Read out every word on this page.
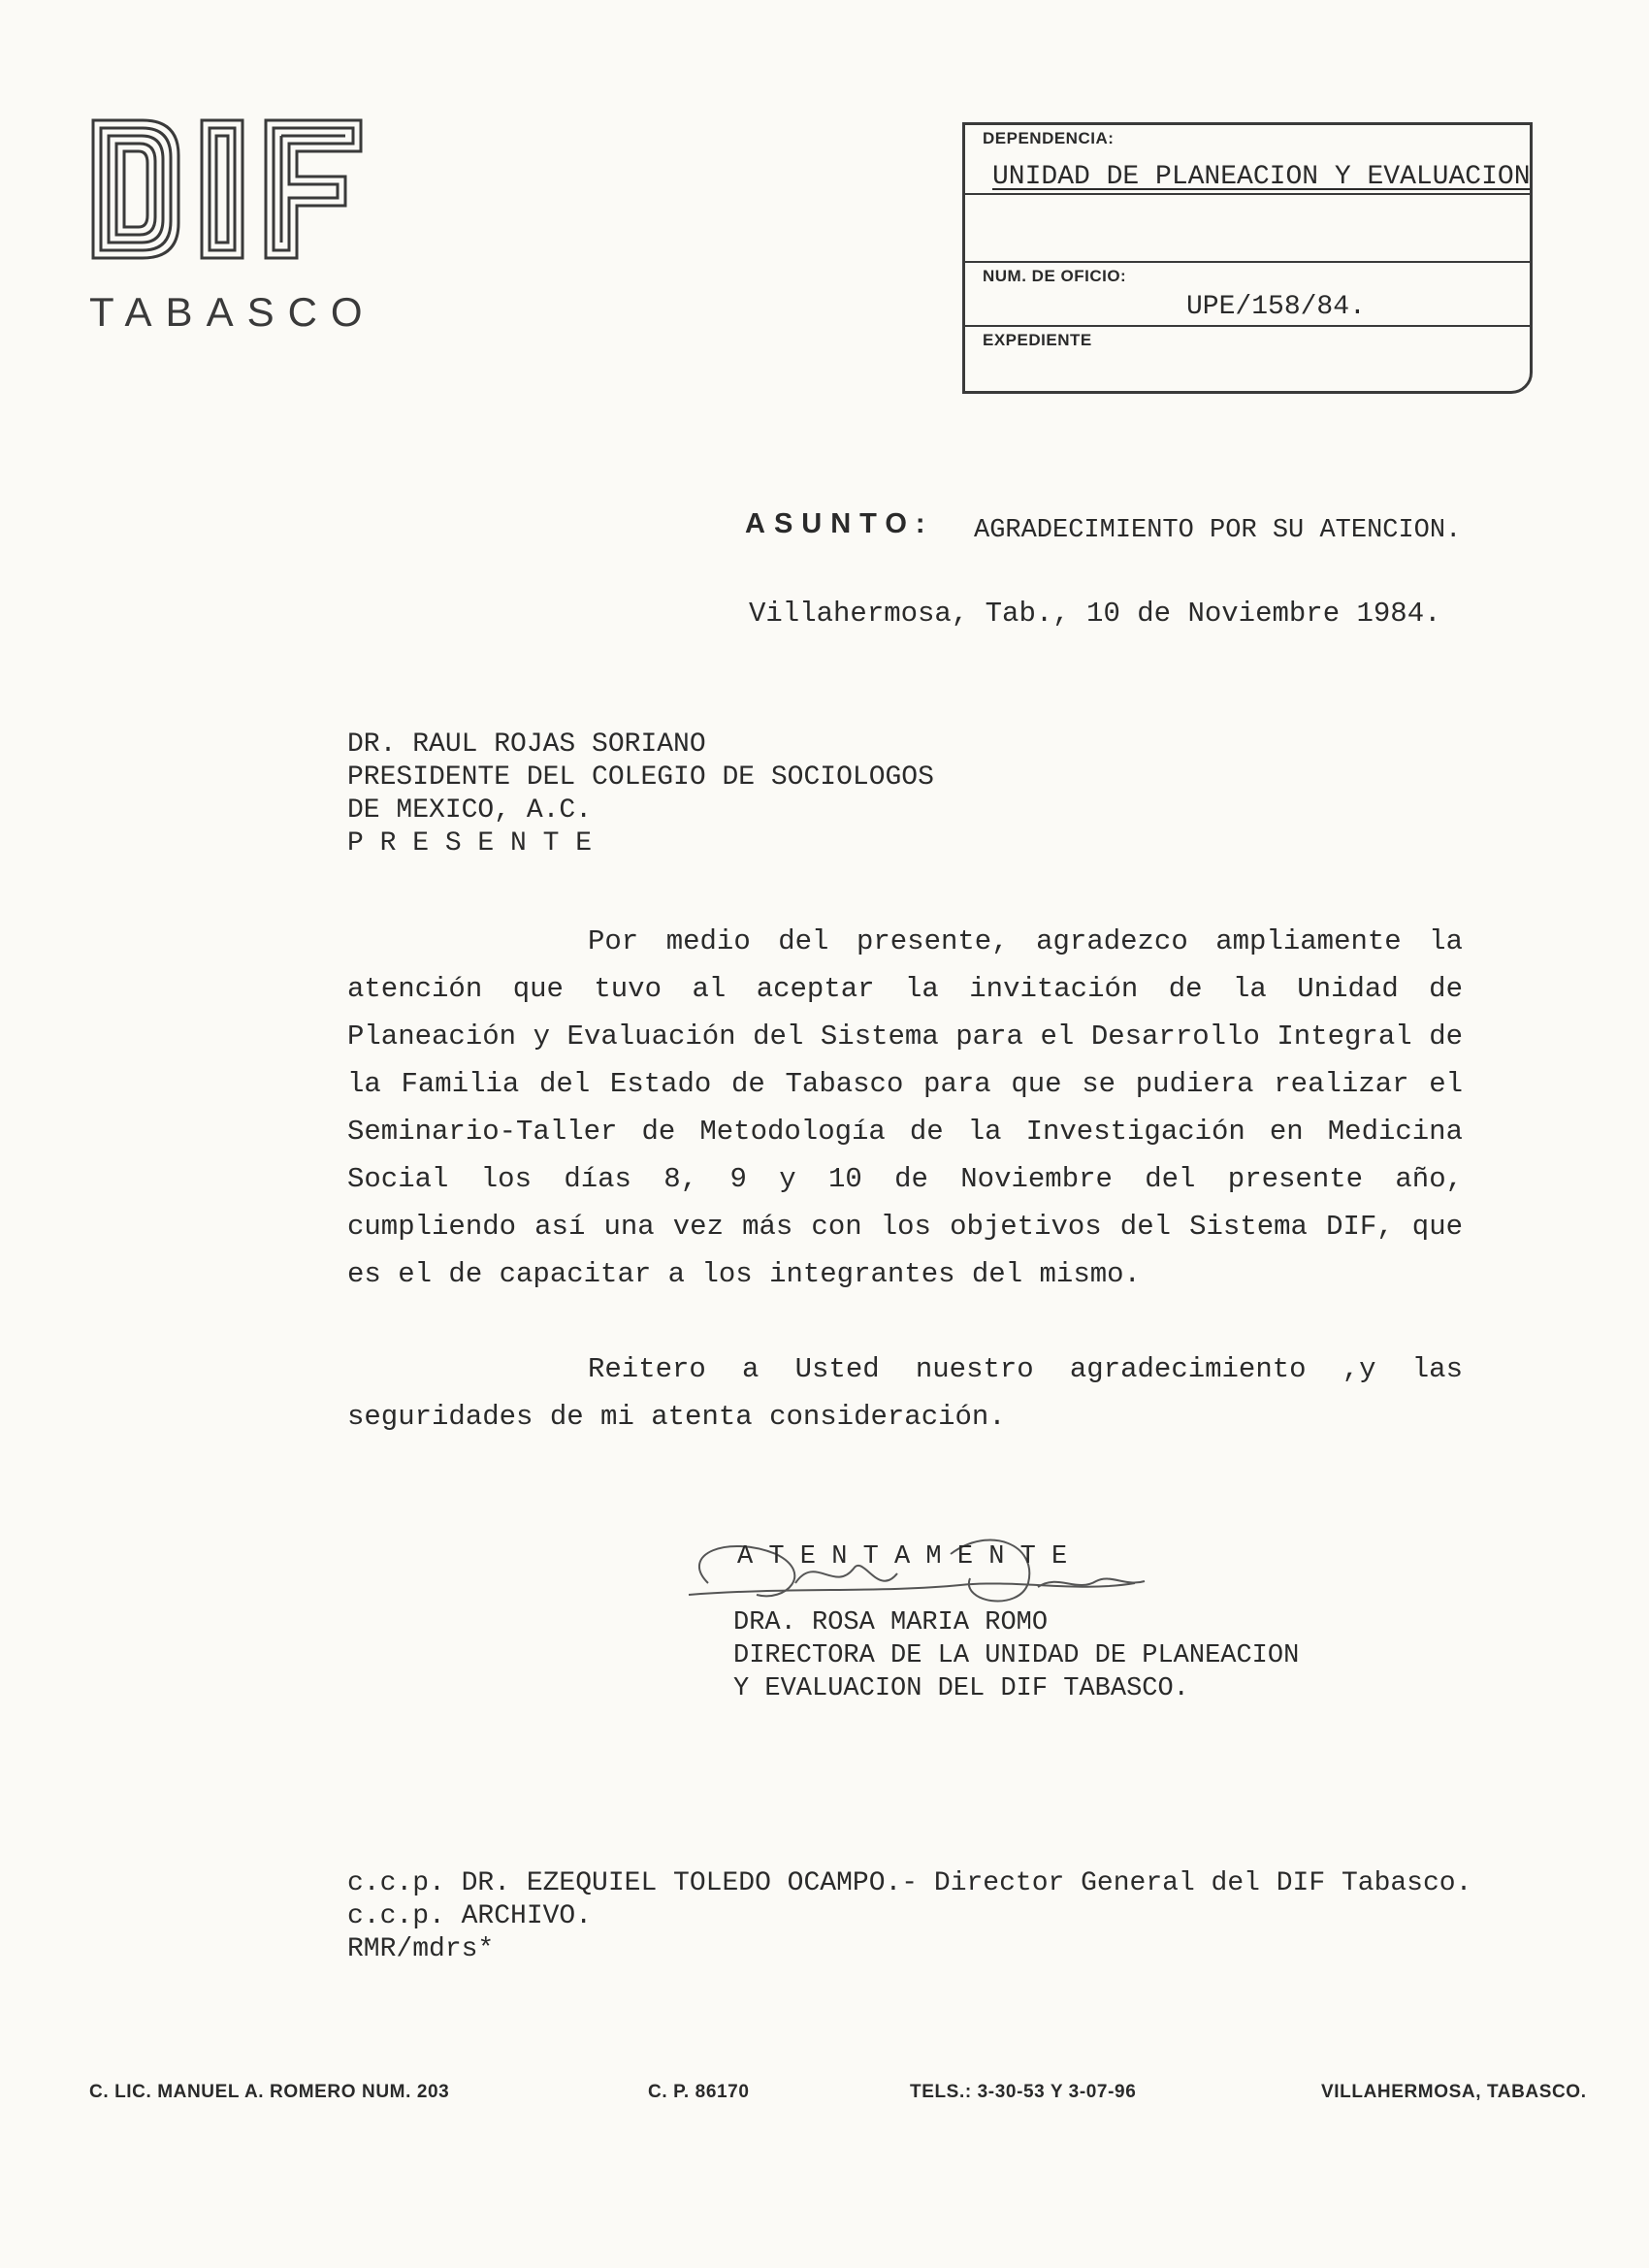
TABASCO
DEPENDENCIA:
UNIDAD DE PLANEACION Y EVALUACION
NUM. DE OFICIO:
UPE/158/84.
EXPEDIENTE
ASUNTO: AGRADECIMIENTO POR SU ATENCION.
Villahermosa, Tab., 10 de Noviembre 1984.
DR. RAUL ROJAS SORIANO
PRESIDENTE DEL COLEGIO DE SOCIOLOGOS
DE MEXICO, A.C.
P R E S E N T E

Por medio del presente, agradezco ampliamente la atención que tuvo al aceptar la invitación de la Unidad de Planeación y Evaluación del Sistema para el Desarrollo Integral de la Familia del Estado de Tabasco para que se pudiera realizar el Seminario-Taller de Metodología de la Investigación en Medicina Social los días 8, 9 y 10 de Noviembre del presente año, cumpliendo así una vez más con los objetivos del Sistema DIF, que es el de capacitar a los integrantes del mismo.

Reitero a Usted nuestro agradecimiento ,y las seguridades de mi atenta consideración.

A T E N T A M E N T E
DRA. ROSA MARIA ROMO
DIRECTORA DE LA UNIDAD DE PLANEACION
Y EVALUACION DEL DIF TABASCO.
c.c.p. DR. EZEQUIEL TOLEDO OCAMPO.- Director General del DIF Tabasco.
c.c.p. ARCHIVO.
RMR/mdrs*
C. LIC. MANUEL A. ROMERO NUM. 203	C. P. 86170	TELS.: 3-30-53 Y 3-07-96	VILLAHERMOSA, TABASCO.
